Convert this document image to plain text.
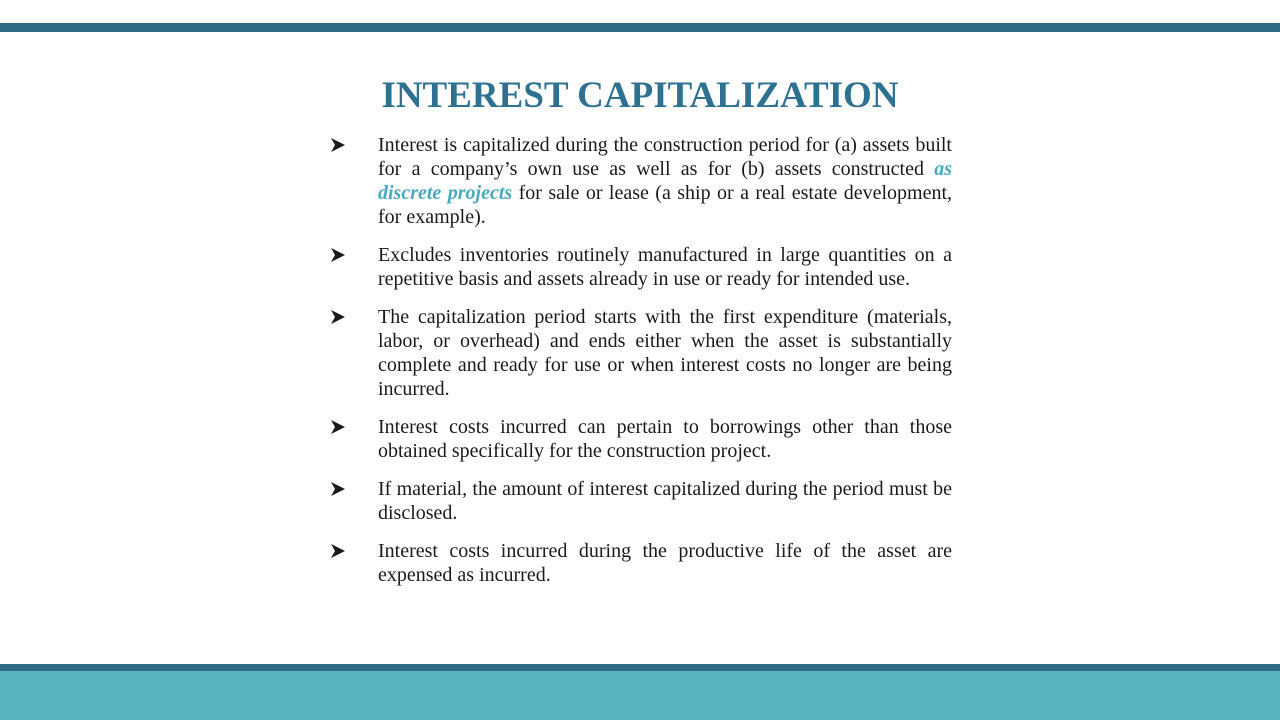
INTEREST CAPITALIZATION
Interest is capitalized during the construction period for (a) assets built for a company’s own use as well as for (b) assets constructed as discrete projects for sale or lease (a ship or a real estate development, for example).
Excludes inventories routinely manufactured in large quantities on a repetitive basis and assets already in use or ready for intended use.
The capitalization period starts with the first expenditure (materials, labor, or overhead) and ends either when the asset is substantially complete and ready for use or when interest costs no longer are being incurred.
Interest costs incurred can pertain to borrowings other than those obtained specifically for the construction project.
If material, the amount of interest capitalized during the period must be disclosed.
Interest costs incurred during the productive life of the asset are expensed as incurred.
